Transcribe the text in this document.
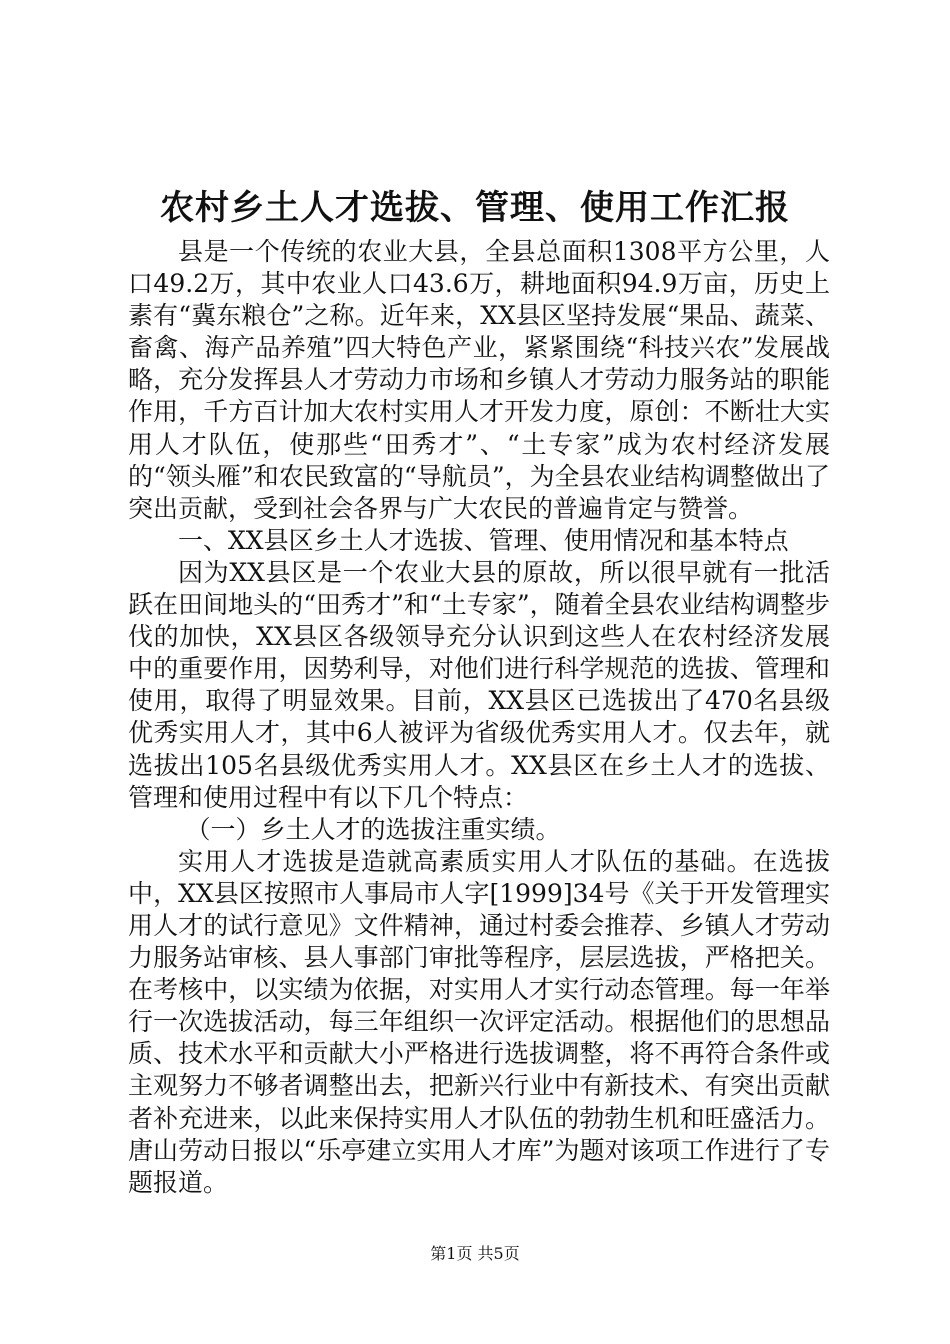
农村乡土人才选拔、管理、使用工作汇报

县是一个传统的农业大县，全县总面积1308平方公里，人口49.2万，其中农业人口43.6万，耕地面积94.9万亩，历史上素有“冀东粮仓”之称。近年来，XX县区坚持发展“果品、蔬菜、畜禽、海产品养殖”四大特色产业，紧紧围绕“科技兴农”发展战略，充分发挥县人才劳动力市场和乡镇人才劳动力服务站的职能作用，千方百计加大农村实用人才开发力度，原创：不断壮大实用人才队伍，使那些“田秀才”、“土专家”成为农村经济发展的“领头雁”和农民致富的“导航员”，为全县农业结构调整做出了突出贡献，受到社会各界与广大农民的普遍肯定与赞誉。

一、XX县区乡土人才选拔、管理、使用情况和基本特点

因为XX县区是一个农业大县的原故，所以很早就有一批活跃在田间地头的“田秀才”和“土专家”，随着全县农业结构调整步伐的加快，XX县区各级领导充分认识到这些人在农村经济发展中的重要作用，因势利导，对他们进行科学规范的选拔、管理和使用，取得了明显效果。目前，XX县区已选拔出了470名县级优秀实用人才，其中6人被评为省级优秀实用人才。仅去年，就选拔出105名县级优秀实用人才。XX县区在乡土人才的选拔、管理和使用过程中有以下几个特点：

（一）乡土人才的选拔注重实绩。

实用人才选拔是造就高素质实用人才队伍的基础。在选拔中，XX县区按照市人事局市人字[1999]34号《关于开发管理实用人才的试行意见》文件精神，通过村委会推荐、乡镇人才劳动力服务站审核、县人事部门审批等程序，层层选拔，严格把关。在考核中，以实绩为依据，对实用人才实行动态管理。每一年举行一次选拔活动，每三年组织一次评定活动。根据他们的思想品质、技术水平和贡献大小严格进行选拔调整，将不再符合条件或主观努力不够者调整出去，把新兴行业中有新技术、有突出贡献者补充进来，以此来保持实用人才队伍的勃勃生机和旺盛活力。唐山劳动日报以“乐亭建立实用人才库”为题对该项工作进行了专题报道。

第1页 共5页
